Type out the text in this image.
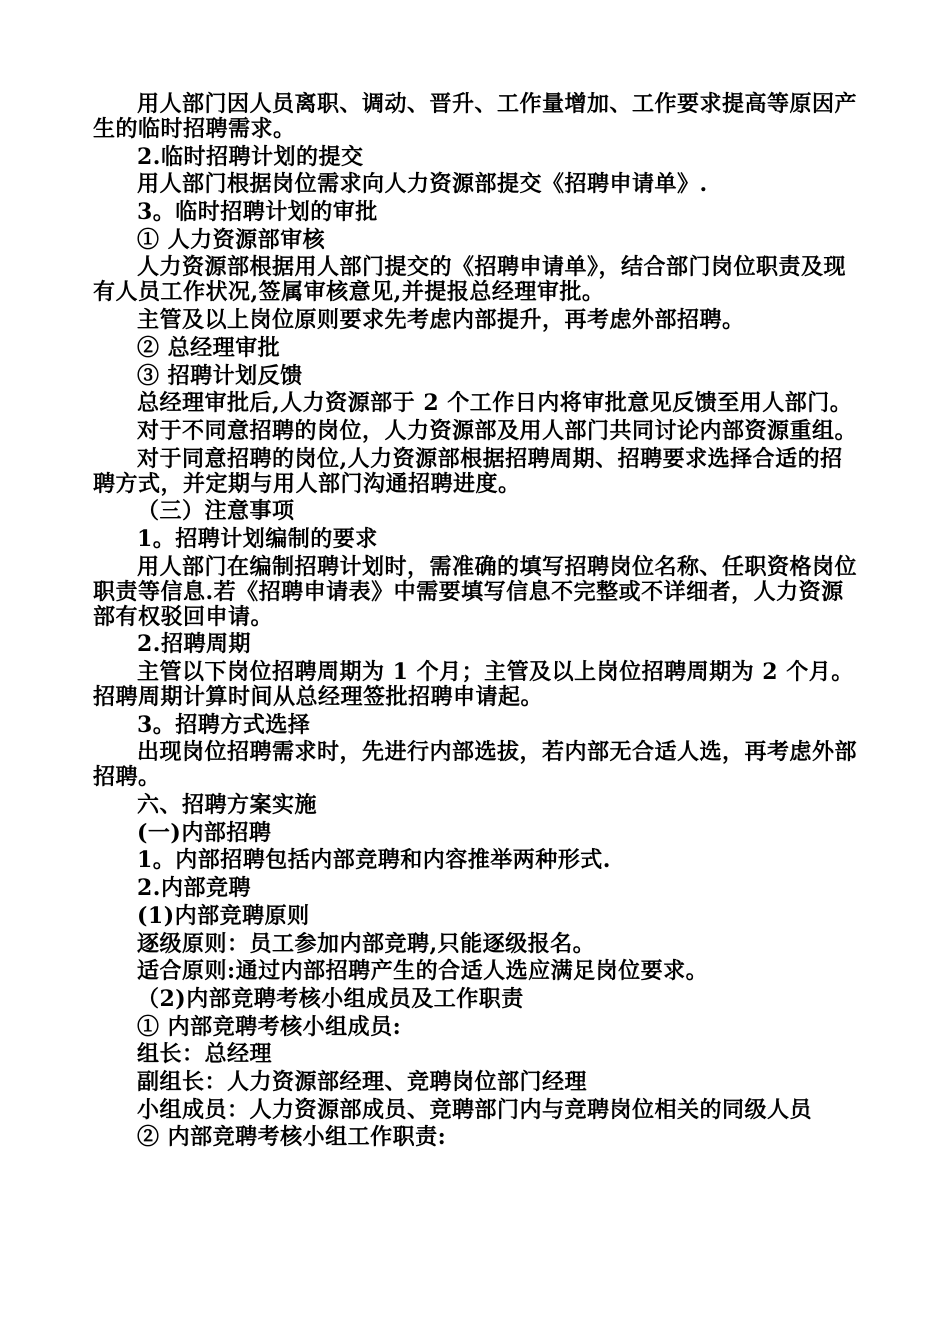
用人部门因人员离职、调动、晋升、工作量增加、工作要求提高等原因产生的临时招聘需求。

2.临时招聘计划的提交

用人部门根据岗位需求向人力资源部提交《招聘申请单》.

3。临时招聘计划的审批

① 人力资源部审核

人力资源部根据用人部门提交的《招聘申请单》，结合部门岗位职责及现有人员工作状况,签属审核意见,并提报总经理审批。

主管及以上岗位原则要求先考虑内部提升，再考虑外部招聘。

② 总经理审批

③ 招聘计划反馈

总经理审批后,人力资源部于 2 个工作日内将审批意见反馈至用人部门。

对于不同意招聘的岗位，人力资源部及用人部门共同讨论内部资源重组。

对于同意招聘的岗位,人力资源部根据招聘周期、招聘要求选择合适的招聘方式，并定期与用人部门沟通招聘进度。

（三）注意事项

1。招聘计划编制的要求

用人部门在编制招聘计划时，需准确的填写招聘岗位名称、任职资格岗位职责等信息.若《招聘申请表》中需要填写信息不完整或不详细者，人力资源部有权驳回申请。

2.招聘周期

主管以下岗位招聘周期为 1 个月；主管及以上岗位招聘周期为 2 个月。招聘周期计算时间从总经理签批招聘申请起。

3。招聘方式选择

出现岗位招聘需求时，先进行内部选拔，若内部无合适人选，再考虑外部招聘。

六、招聘方案实施

(一)内部招聘

1。内部招聘包括内部竞聘和内容推举两种形式.

2.内部竞聘

(1)内部竞聘原则

逐级原则：员工参加内部竞聘,只能逐级报名。

适合原则:通过内部招聘产生的合适人选应满足岗位要求。

（2)内部竞聘考核小组成员及工作职责

① 内部竞聘考核小组成员:

组长：总经理

副组长：人力资源部经理、竞聘岗位部门经理

小组成员：人力资源部成员、竞聘部门内与竞聘岗位相关的同级人员

② 内部竞聘考核小组工作职责:
